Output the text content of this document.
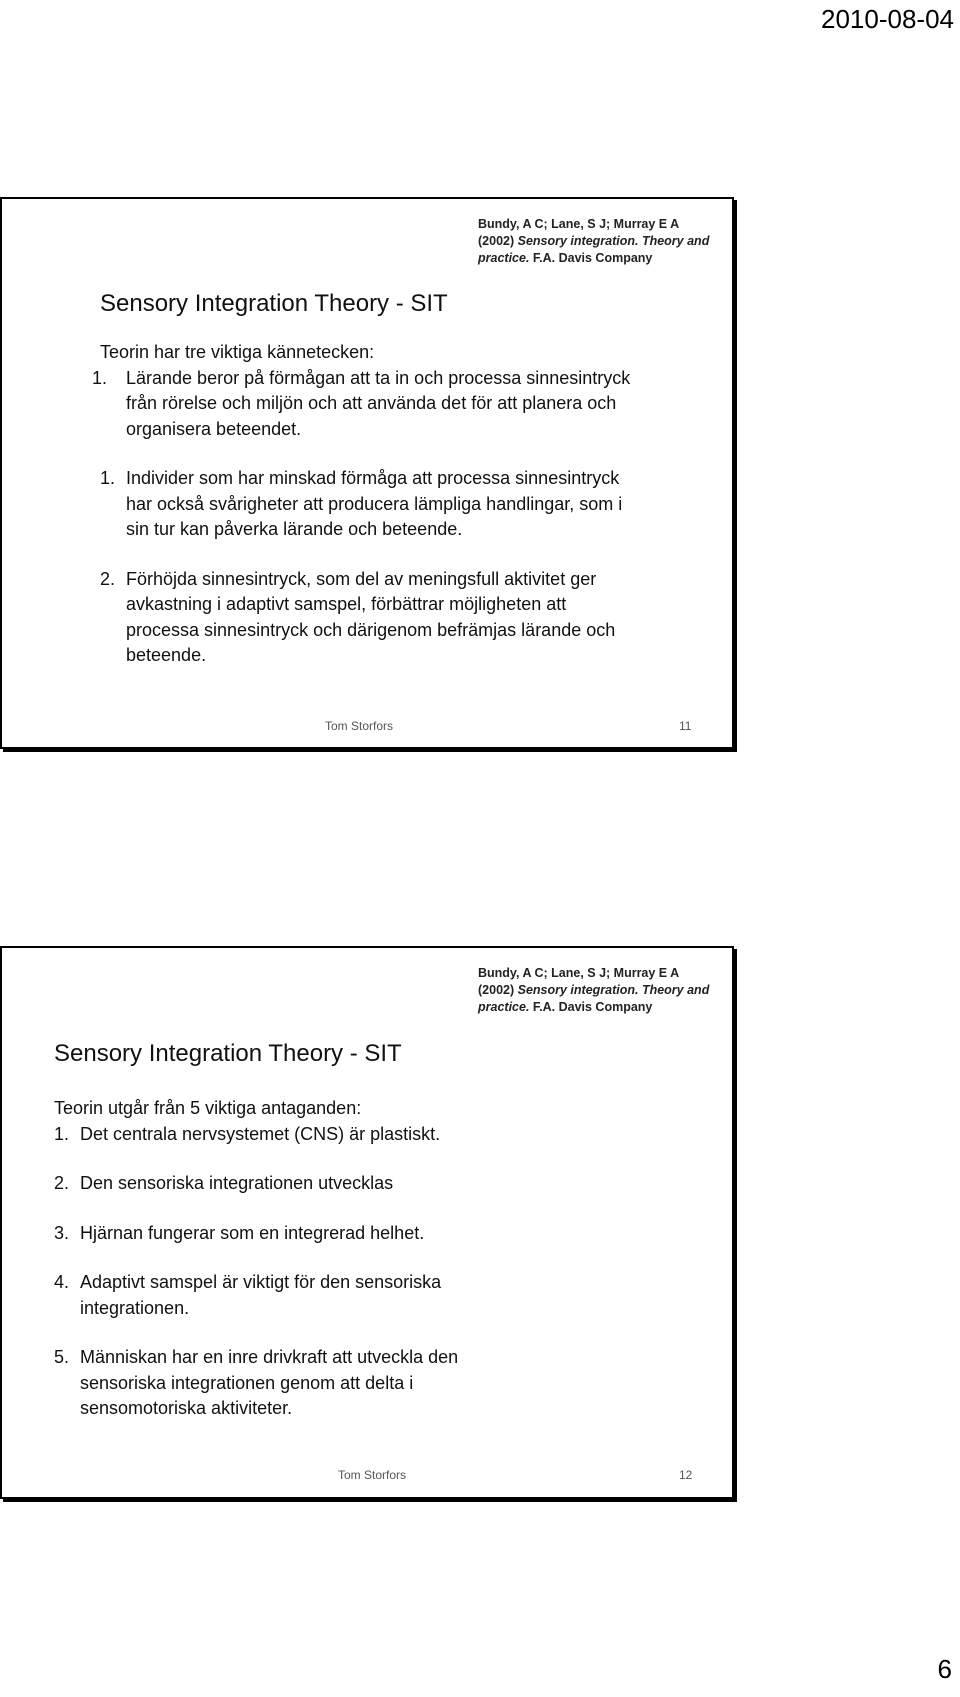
2010-08-04
Bundy, A C; Lane, S J; Murray E A
(2002) Sensory integration. Theory and practice. F.A. Davis Company
Sensory Integration Theory - SIT

Teorin har tre viktiga kännetecken:

1. Lärande beror på förmågan att ta in och processa sinnesintryck från rörelse och miljön och att använda det för att planera och organisera beteendet.
1. Individer som har minskad förmåga att processa sinnesintryck har också svårigheter att producera lämpliga handlingar, som i sin tur kan påverka lärande och beteende.
2. Förhöjda sinnesintryck, som del av meningsfull aktivitet ger avkastning i adaptivt samspel, förbättrar möjligheten att processa sinnesintryck och därigenom befrämjas lärande och beteende.
Tom Storfors	11
Bundy, A C; Lane, S J; Murray E A
(2002) Sensory integration. Theory and practice. F.A. Davis Company
Sensory Integration Theory - SIT

Teorin utgår från 5 viktiga antaganden:

1. Det centrala nervsystemet (CNS) är plastiskt.
2. Den sensoriska integrationen utvecklas
3. Hjärnan fungerar som en integrerad helhet.
4. Adaptivt samspel är viktigt för den sensoriska integrationen.
5. Människan har en inre drivkraft att utveckla den sensoriska integrationen genom att delta i sensomotoriska aktiviteter.
Tom Storfors	12
6
